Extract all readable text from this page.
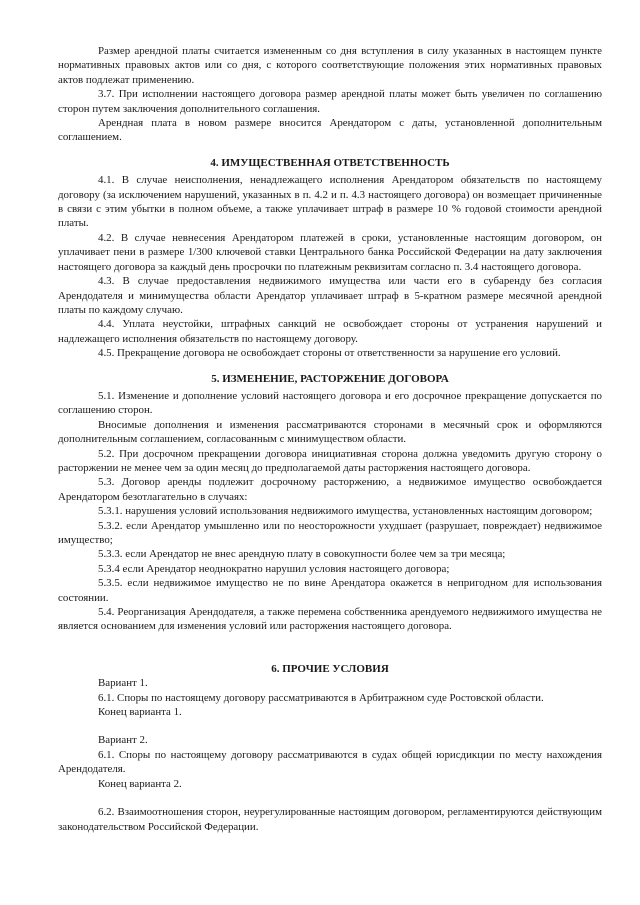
Размер арендной платы считается измененным со дня вступления в силу указанных в настоящем пункте нормативных правовых актов или со дня, с которого соответствующие положения этих нормативных правовых актов подлежат применению.

3.7. При исполнении настоящего договора размер арендной платы может быть увеличен по соглашению сторон путем заключения дополнительного соглашения.

Арендная плата в новом размере вносится Арендатором с даты, установленной дополнительным соглашением.

4. ИМУЩЕСТВЕННАЯ ОТВЕТСТВЕННОСТЬ

4.1. В случае неисполнения, ненадлежащего исполнения Арендатором обязательств по настоящему договору (за исключением нарушений, указанных в п. 4.2 и п. 4.3 настоящего договора) он возмещает причиненные в связи с этим убытки в полном объеме, а также уплачивает штраф в размере 10 % годовой стоимости арендной платы.

4.2. В случае невнесения Арендатором платежей в сроки, установленные настоящим договором, он уплачивает пени в размере 1/300 ключевой ставки Центрального банка Российской Федерации на дату заключения настоящего договора за каждый день просрочки по платежным реквизитам согласно п. 3.4 настоящего договора.

4.3. В случае предоставления недвижимого имущества или части его в субаренду без согласия Арендодателя и минимущества области Арендатор уплачивает штраф в 5-кратном размере месячной арендной платы по каждому случаю.

4.4. Уплата неустойки, штрафных санкций не освобождает стороны от устранения нарушений и надлежащего исполнения обязательств по настоящему договору.

4.5. Прекращение договора не освобождает стороны от ответственности за нарушение его условий.

5. ИЗМЕНЕНИЕ, РАСТОРЖЕНИЕ ДОГОВОРА

5.1. Изменение и дополнение условий настоящего договора и его досрочное прекращение допускается по соглашению сторон.

Вносимые дополнения и изменения рассматриваются сторонами в месячный срок и оформляются дополнительным соглашением, согласованным с минимуществом области.

5.2. При досрочном прекращении договора инициативная сторона должна уведомить другую сторону о расторжении не менее чем за один месяц до предполагаемой даты расторжения настоящего договора.

5.3. Договор аренды подлежит досрочному расторжению, а недвижимое имущество освобождается Арендатором безотлагательно в случаях:

5.3.1. нарушения условий использования недвижимого имущества, установленных настоящим договором;

5.3.2. если Арендатор умышленно или по неосторожности ухудшает (разрушает, повреждает) недвижимое имущество;

5.3.3. если Арендатор не внес арендную плату в совокупности более чем за три месяца;

5.3.4 если Арендатор неоднократно нарушил условия настоящего договора;

5.3.5. если недвижимое имущество не по вине Арендатора окажется в непригодном для использования состоянии.

5.4. Реорганизация Арендодателя, а также перемена собственника арендуемого недвижимого имущества не является основанием для изменения условий или расторжения настоящего договора.

6. ПРОЧИЕ УСЛОВИЯ

Вариант 1.

6.1. Споры по настоящему договору рассматриваются в Арбитражном суде Ростовской области.

Конец варианта 1.

Вариант 2.

6.1. Споры по настоящему договору рассматриваются в судах общей юрисдикции по месту нахождения Арендодателя.

Конец варианта 2.

6.2. Взаимоотношения сторон, неурегулированные настоящим договором, регламентируются действующим законодательством Российской Федерации.
